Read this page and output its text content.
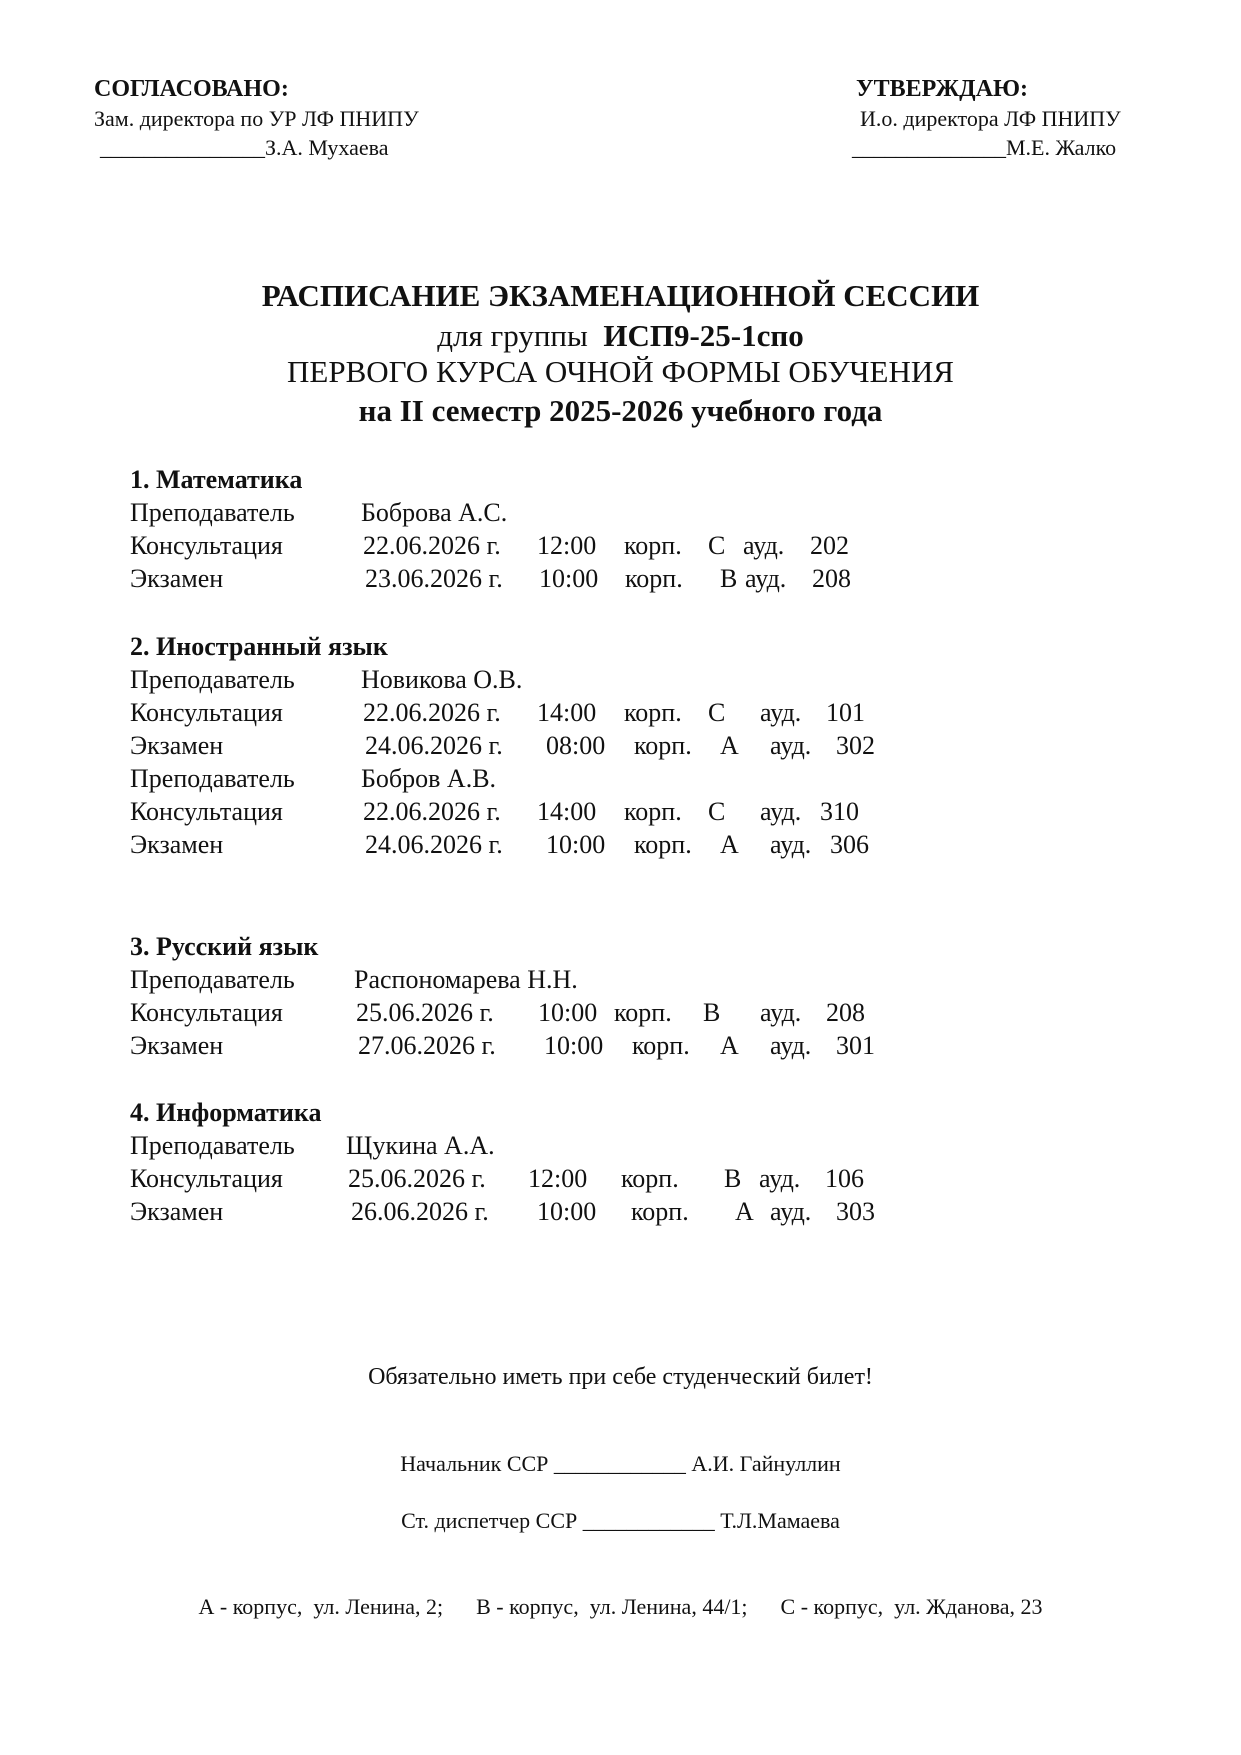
СОГЛАСОВАНО:
Зам. директора по УР ЛФ ПНИПУ
_______________З.А. Мухаева
УТВЕРЖДАЮ:
И.о. директора ЛФ ПНИПУ
______________М.Е. Жалко
РАСПИСАНИЕ ЭКЗАМЕНАЦИОННОЙ СЕССИИ
для группы ИСП9-25-1спо
ПЕРВОГО КУРСА ОЧНОЙ ФОРМЫ ОБУЧЕНИЯ
на II семестр 2025-2026 учебного года
1. Математика
Преподаватель	Боброва А.С.
Консультация	22.06.2026 г. 12:00 корп. С ауд. 202
Экзамен	23.06.2026 г. 10:00 корп. В ауд. 208
2. Иностранный язык
Преподаватель	Новикова О.В.
Консультация	22.06.2026 г. 14:00 корп. С ауд. 101
Экзамен	24.06.2026 г. 08:00 корп. А ауд. 302
Преподаватель	Бобров А.В.
Консультация	22.06.2026 г. 14:00 корп. С ауд. 310
Экзамен	24.06.2026 г. 10:00 корп. А ауд. 306
3. Русский язык
Преподаватель Распономарева Н.Н.
Консультация	25.06.2026 г. 10:00 корп. В ауд. 208
Экзамен	27.06.2026 г. 10:00 корп. А ауд. 301
4. Информатика
Преподаватель Щукина А.А.
Консультация	25.06.2026 г. 12:00 корп. В ауд. 106
Экзамен	26.06.2026 г. 10:00 корп. А ауд. 303
Обязательно иметь при себе студенческий билет!
Начальник ССР ____________ А.И. Гайнуллин
Ст. диспетчер ССР ____________ Т.Л.Мамаева
А - корпус,  ул. Ленина, 2;      В - корпус,  ул. Ленина, 44/1;      С - корпус,  ул. Жданова, 23
